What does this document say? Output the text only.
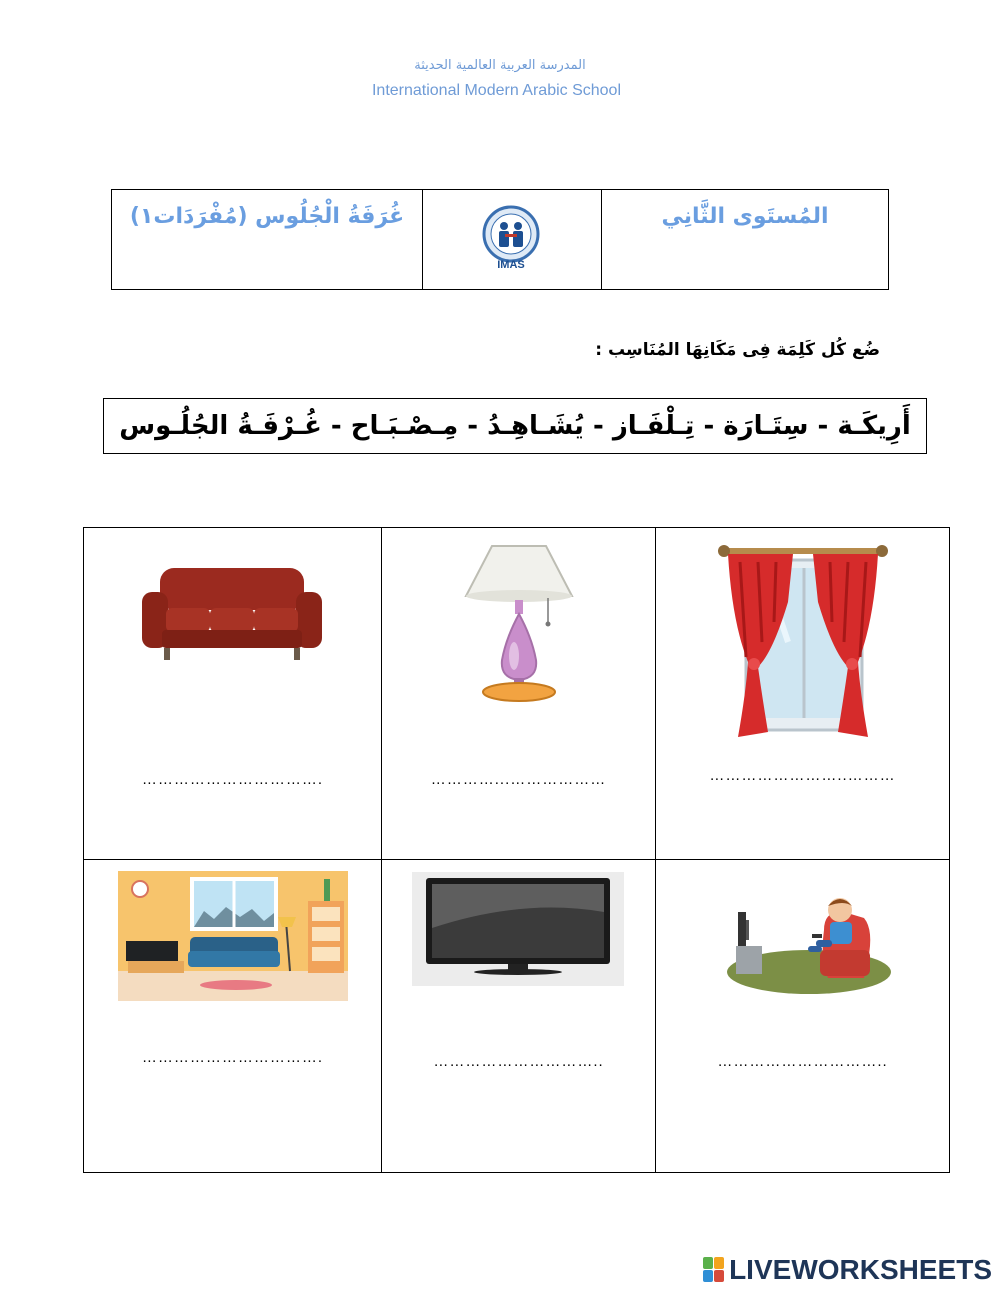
المدرسة العربية العالمية الحديثة
International Modern Arabic School
غُرَفَةُ الْجُلُوس (مُفْرَدَات١)
IMAS
المُستَوى الثَّانِي
ضُع كُل كَلِمَة فِى مَكَانِهَا المُنَاسِب :
أَرِيكَـة - سِتَـارَة - تِـلْفَـاز - يُشَـاهِـدُ - مِـصْـبَـاح - غُـرْفَـةُ الجُلُـوس
……………………..………
…………...………………
…………………………….
…………………………..
…………………………..
…………………………….
LIVEWORKSHEETS
